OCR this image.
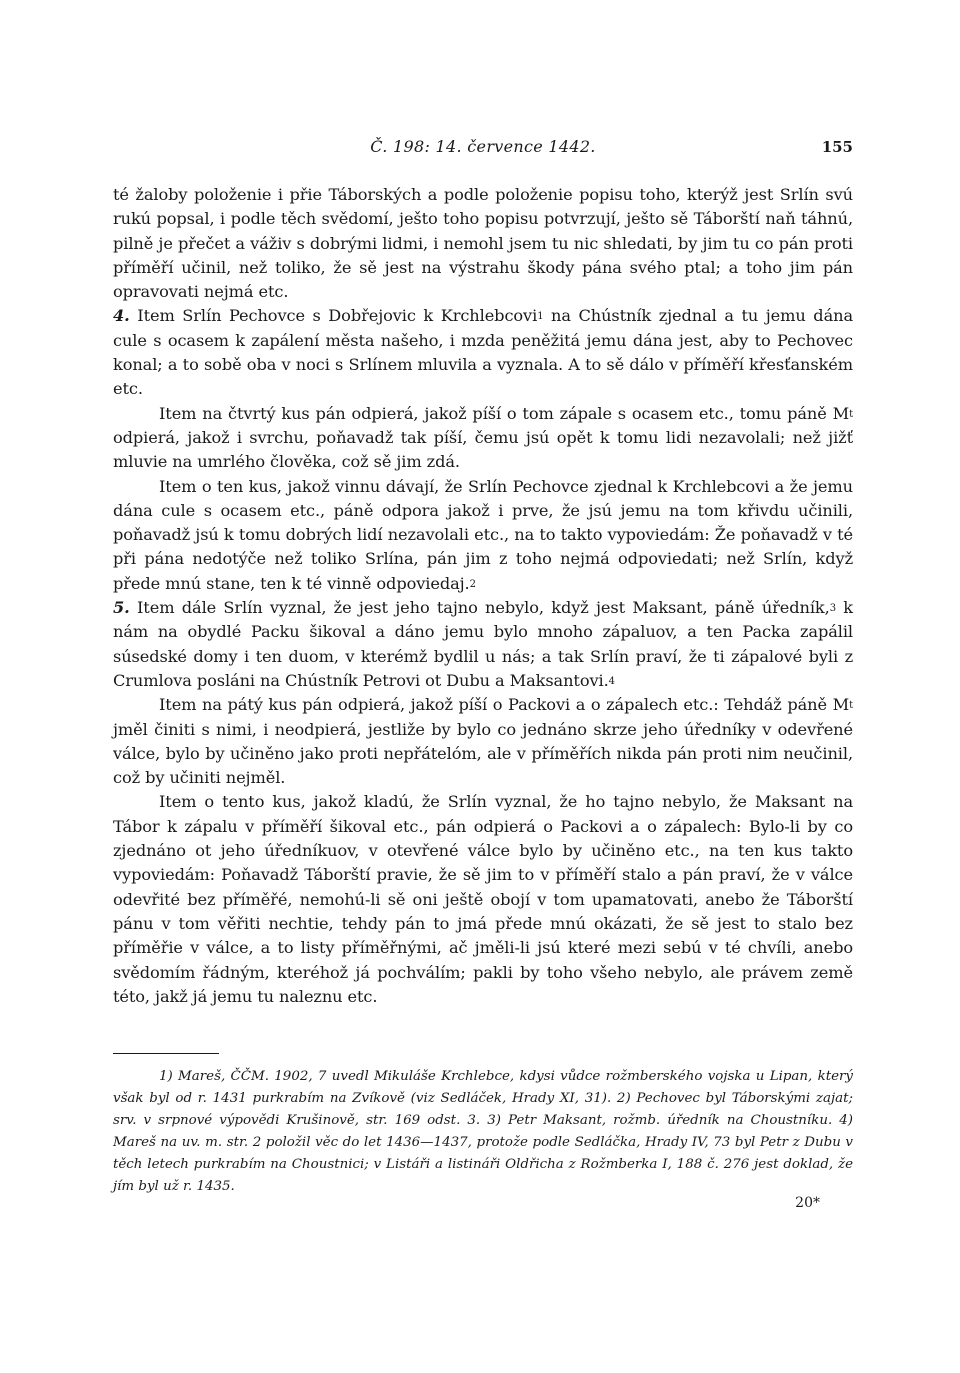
Č. 198: 14. července 1442.	155

té žaloby položenie i přie Táborských a podle položenie popisu toho, kterýž jest Srlín svú rukú popsal, i podle těch svědomí, ješto toho popisu potvrzují, ješto sě Táborští naň táhnú, pilně je přečet a váživ s dobrými lidmi, i nemohl jsem tu nic shledati, by jim tu co pán proti příměří učinil, než toliko, že sě jest na výstrahu škody pána svého ptal; a toho jim pán opravovati nejmá etc.

4. Item Srlín Pechovce s Dobřejovic k Krchlebcovi$^1$ na Chústník zjednal a tu jemu dána cule s ocasem k zapálení města našeho, i mzda peněžitá jemu dána jest, aby to Pechovec konal; a to sobě oba v noci s Srlínem mluvila a vyznala. A to sě dálo v příměří křesťanském etc.

Item na čtvrtý kus pán odpierá, jakož píší o tom zápale s ocasem etc., tomu páně $M^t$ odpierá, jakož i svrchu, poňavadž tak píší, čemu jsú opět k tomu lidi nezavolali; než jižť mluvie na umrlého člověka, což sě jim zdá.

Item o ten kus, jakož vinnu dávají, že Srlín Pechovce zjednal k Krchlebcovi a že jemu dána cule s ocasem etc., páně odpora jakož i prve, že jsú jemu na tom křivdu učinili, poňavadž jsú k tomu dobrých lidí nezavolali etc., na to takto vypoviedám: Že poňavadž v té při pána nedotýče než toliko Srlína, pán jim z toho nejmá odpoviedati; než Srlín, když přede mnú stane, ten k té vinně odpoviedaj.$^2$

5. Item dále Srlín vyznal, že jest jeho tajno nebylo, když jest Maksant, páně úředník,$^3$ k nám na obydlé Packu šikoval a dáno jemu bylo mnoho zápaluov, a ten Packa zapálil súsedské domy i ten duom, v kterémž bydlil u nás; a tak Srlín praví, že ti zápalové byli z Crumlova posláni na Chústník Petrovi ot Dubu a Maksantovi.$^4$

Item na pátý kus pán odpierá, jakož píší o Packovi a o zápalech etc.: Tehdáž páně $M^t$ jměl činiti s nimi, i neodpierá, jestliže by bylo co jednáno skrze jeho úředníky v odevřené válce, bylo by učiněno jako proti nepřátelóm, ale v příměřích nikda pán proti nim neučinil, což by učiniti nejměl.

Item o tento kus, jakož kladú, že Srlín vyznal, že ho tajno nebylo, že Maksant na Tábor k zápalu v příměří šikoval etc., pán odpierá o Packovi a o zápalech: Bylo-li by co zjednáno ot jeho úředníkuov, v otevřené válce bylo by učiněno etc., na ten kus takto vypoviedám: Poňavadž Táborští pravie, že sě jim to v příměří stalo a pán praví, že v válce odevřité bez příměřé, nemohú-li sě oni ještě obojí v tom upamatovati, anebo že Táborští pánu v tom věřiti nechtie, tehdy pán to jmá přede mnú okázati, že sě jest to stalo bez příměřie v válce, a to listy příměřnými, ač jměli-li jsú které mezi sebú v té chvíli, anebo svědomím řádným, kteréhož já pochválím; pakli by toho všeho nebylo, ale právem země této, jakž já jemu tu naleznu etc.

1) Mareš, ČČM. 1902, 7 uvedl Mikuláše Krchlebce, kdysi vůdce rožmberského vojska u Lipan, který však byl od r. 1431 purkrabím na Zvíkově (viz Sedláček, Hrady XI, 31). 2) Pechovec byl Táborskými zajat; srv. v srpnové výpovědi Krušinově, str. 169 odst. 3. 3) Petr Maksant, rožmb. úředník na Choustníku. 4) Mareš na uv. m. str. 2 položil věc do let 1436—1437, protože podle Sedláčka, Hrady IV, 73 byl Petr z Dubu v těch letech purkrabím na Choustnici; v Listáři a listináři Oldřicha z Rožmberka I, 188 č. 276 jest doklad, že jím byl už r. 1435.

20*
